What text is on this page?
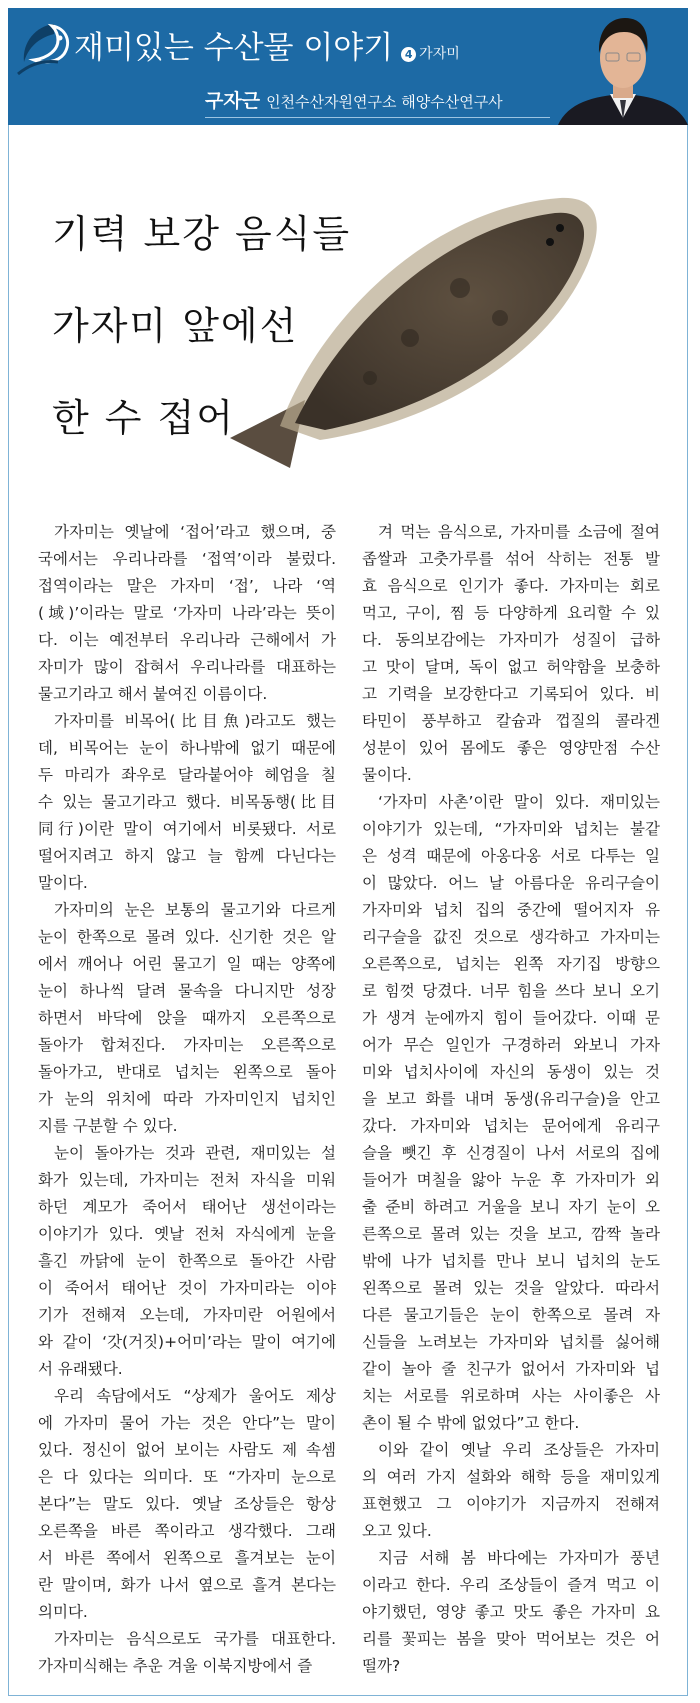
재미있는 수산물 이야기	4 가자미
구자근 인천수산자원연구소 해양수산연구사
기력 보강 음식들
가자미 앞에선
한 수 접어
가자미는 옛날에 ‘접어’라고 했으며, 중
국에서는 우리나라를 ‘접역’이라 불렀다.
접역이라는 말은 가자미 ‘접’, 나라 ‘역
(域)’이라는 말로 ‘가자미 나라’라는 뜻이
다. 이는 예전부터 우리나라 근해에서 가
자미가 많이 잡혀서 우리나라를 대표하는
물고기라고 해서 붙여진 이름이다.
가자미를 비목어(比目魚)라고도 했는
데, 비목어는 눈이 하나밖에 없기 때문에
두 마리가 좌우로 달라붙어야 헤엄을 칠
수 있는 물고기라고 했다. 비목동행(比目
同行)이란 말이 여기에서 비롯됐다. 서로
떨어지려고 하지 않고 늘 함께 다닌다는
말이다.
가자미의 눈은 보통의 물고기와 다르게
눈이 한쪽으로 몰려 있다. 신기한 것은 알
에서 깨어나 어린 물고기 일 때는 양쪽에
눈이 하나씩 달려 물속을 다니지만 성장
하면서 바닥에 앉을 때까지 오른쪽으로
돌아가 합쳐진다. 가자미는 오른쪽으로
돌아가고, 반대로 넙치는 왼쪽으로 돌아
가 눈의 위치에 따라 가자미인지 넙치인
지를 구분할 수 있다.
눈이 돌아가는 것과 관련, 재미있는 설
화가 있는데, 가자미는 전처 자식을 미워
하던 계모가 죽어서 태어난 생선이라는
이야기가 있다. 옛날 전처 자식에게 눈을
흘긴 까닭에 눈이 한쪽으로 돌아간 사람
이 죽어서 태어난 것이 가자미라는 이야
기가 전해져 오는데, 가자미란 어원에서
와 같이 ‘갓(거짓)+어미’라는 말이 여기에
서 유래됐다.
우리 속담에서도 “상제가 울어도 제상
에 가자미 물어 가는 것은 안다”는 말이
있다. 정신이 없어 보이는 사람도 제 속셈
은 다 있다는 의미다. 또 “가자미 눈으로
본다”는 말도 있다. 옛날 조상들은 항상
오른쪽을 바른 쪽이라고 생각했다. 그래
서 바른 쪽에서 왼쪽으로 흘겨보는 눈이
란 말이며, 화가 나서 옆으로 흘겨 본다는
의미다.
가자미는 음식으로도 국가를 대표한다.
가자미식해는 추운 겨울 이북지방에서 즐
겨 먹는 음식으로, 가자미를 소금에 절여
좁쌀과 고춧가루를 섞어 삭히는 전통 발
효 음식으로 인기가 좋다. 가자미는 회로
먹고, 구이, 찜 등 다양하게 요리할 수 있
다. 동의보감에는 가자미가 성질이 급하
고 맛이 달며, 독이 없고 허약함을 보충하
고 기력을 보강한다고 기록되어 있다. 비
타민이 풍부하고 칼슘과 껍질의 콜라겐
성분이 있어 몸에도 좋은 영양만점 수산
물이다.
‘가자미 사촌’이란 말이 있다. 재미있는
이야기가 있는데, “가자미와 넙치는 불같
은 성격 때문에 아옹다옹 서로 다투는 일
이 많았다. 어느 날 아름다운 유리구슬이
가자미와 넙치 집의 중간에 떨어지자 유
리구슬을 값진 것으로 생각하고 가자미는
오른쪽으로, 넙치는 왼쪽 자기집 방향으
로 힘껏 당겼다. 너무 힘을 쓰다 보니 오기
가 생겨 눈에까지 힘이 들어갔다. 이때 문
어가 무슨 일인가 구경하러 와보니 가자
미와 넙치사이에 자신의 동생이 있는 것
을 보고 화를 내며 동생(유리구슬)을 안고
갔다. 가자미와 넙치는 문어에게 유리구
슬을 뺏긴 후 신경질이 나서 서로의 집에
들어가 며칠을 앓아 누운 후 가자미가 외
출 준비 하려고 거울을 보니 자기 눈이 오
른쪽으로 몰려 있는 것을 보고, 깜짝 놀라
밖에 나가 넙치를 만나 보니 넙치의 눈도
왼쪽으로 몰려 있는 것을 알았다. 따라서
다른 물고기들은 눈이 한쪽으로 몰려 자
신들을 노려보는 가자미와 넙치를 싫어해
같이 놀아 줄 친구가 없어서 가자미와 넙
치는 서로를 위로하며 사는 사이좋은 사
촌이 될 수 밖에 없었다”고 한다.
이와 같이 옛날 우리 조상들은 가자미
의 여러 가지 설화와 해학 등을 재미있게
표현했고 그 이야기가 지금까지 전해져
오고 있다.
지금 서해 봄 바다에는 가자미가 풍년
이라고 한다. 우리 조상들이 즐겨 먹고 이
야기했던, 영양 좋고 맛도 좋은 가자미 요
리를 꽃피는 봄을 맞아 먹어보는 것은 어
떨까?
